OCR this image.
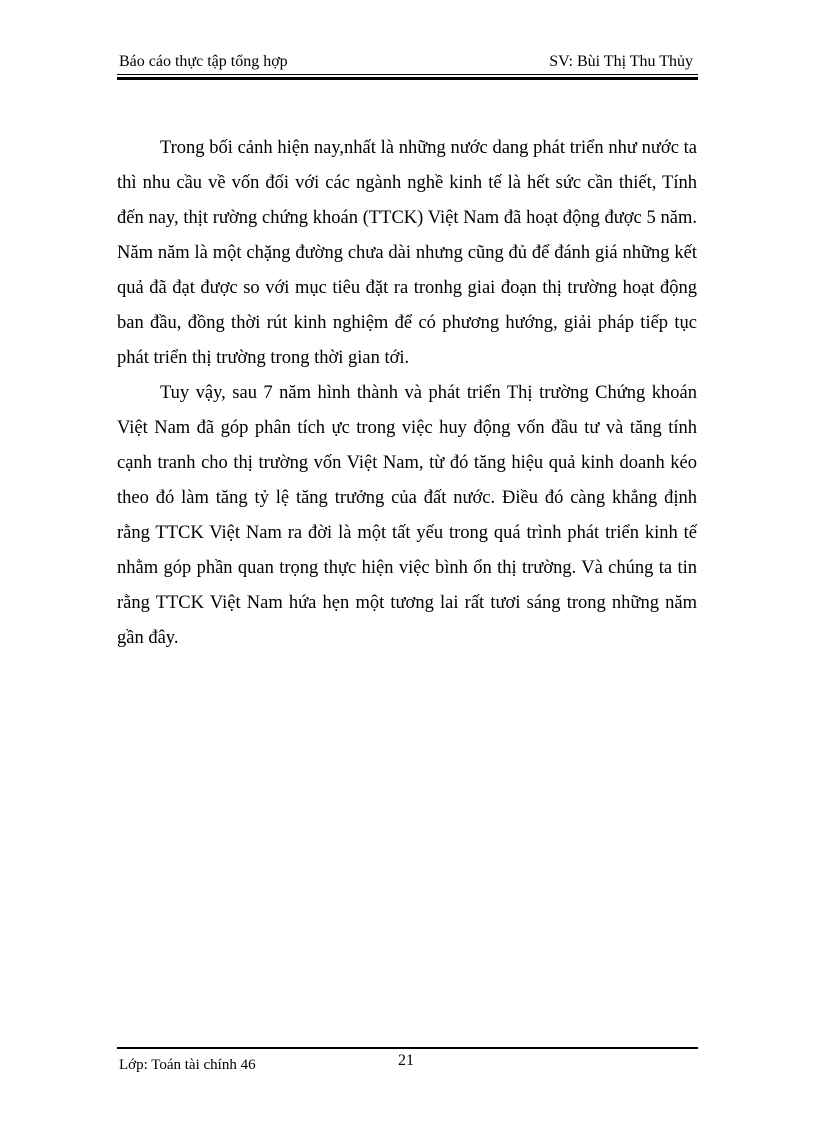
Báo cáo thực tập tổng hợp	SV: Bùi Thị Thu Thủy

Trong bối cảnh hiện nay,nhất là những nước dang phát triển như nước ta thì nhu cầu về vốn đối với các ngành nghề kinh tế là hết sức cần thiết, Tính đến nay, thịt rường chứng khoán (TTCK) Việt Nam đã hoạt động được 5 năm. Năm năm là một chặng đường chưa dài nhưng cũng đủ để đánh giá những kết quả đã đạt được so với mục tiêu đặt ra tronhg giai đoạn thị trường hoạt động ban đầu, đồng thời rút kinh nghiệm để có phương hướng, giải pháp tiếp tục phát triển thị trường trong thời gian tới.

Tuy vậy, sau 7 năm hình thành và phát triển Thị trường Chứng khoán Việt Nam đã góp phân tích ực trong việc huy động vốn đầu tư và tăng tính cạnh tranh cho thị trường vốn Việt Nam, từ đó tăng hiệu quả kinh doanh kéo theo đó làm tăng tỷ lệ tăng trưởng của đất nước. Điều đó càng khẳng định rằng TTCK Việt Nam ra đời là một tất yếu trong quá trình phát triển kinh tế nhằm góp phần quan trọng thực hiện việc bình ổn thị trường. Và chúng ta tin rằng TTCK Việt Nam hứa hẹn một tương lai rất tươi sáng trong những năm gần đây.

Lớp: Toán tài chính 46	21
